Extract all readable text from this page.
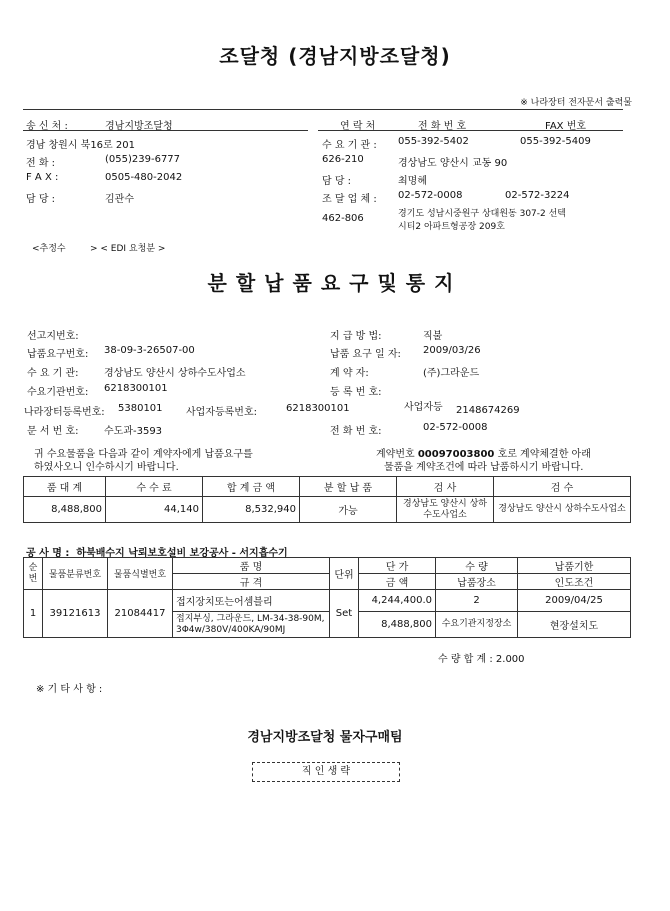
조달청 (경남지방조달청)
※ 나라장터 전자문서 출력물
송 신 처 :	경남지방조달청
경남 창원시 북16로 201
전 화 :	(055)239-6777
F A X :	0505-480-2042
담 당 :	김관수
연 락 처	전 화 번 호	FAX 번호
수 요 기 관 : 055-392-5402	055-392-5409
626-210	경상남도 양산시 교동 90
담 당 :	최명혜
조 달 업 체 : 02-572-0008	02-572-3224
462-806	경기도 성남시중원구 상대원동 307-2 선텍
시티2 아파트형공장 209호
<추정수	> < EDI 요청분 >
분할납품요구및통지
선고지번호:	지 급 방 법:	직불
납품요구번호: 38-09-3-26507-00	납품 요구 일 자: 2009/03/26
수 요 기 관:	경상남도 양산시 상하수도사업소	계 약 자:	(주)그라운드
수요기관번호: 6218300101	등 록 번 호:
나라장터등록번호: 5380101 사업자등록번호:	6218300101	사업자등 2148674269
문 서 번 호:	수도과-3593	전 화 번 호:	02-572-0008
귀 수요물품을 다음과 같이 계약자에게 납품요구를
하였사오니 인수하시기 바랍니다.
계약번호 00097003800 호로 계약체결한 아래
물품을 계약조건에 따라 납품하시기 바랍니다.
품 대 계	수 수 료	합 계 금 액	분 할 납 품	검 사	검 수
8,488,800	44,140	8,532,940	가능	경상남도 양산시 상하수도사업소	경상남도 양산시 상하수도사업소
공 사 명 : 하북배수지 낙뢰보호설비 보강공사 - 서지흡수기
순번	물품분류번호	물품식별번호	품 명	단위	단 가	수 량	납품기한
			규 격		금 액	납품장소	인도조건
1	39121613	21084417	접지장치또는어셈블리	Set	4,244,400.0	2	2009/04/25
			접지부싱, 그라운드, LM-34-38-90M, 3Φ4w/380V/400KA/90MJ		8,488,800	수요기관지정장소	현장설치도
수 량 합 계 : 2.000
※ 기 타 사 항 :
경남지방조달청 물자구매팀
직 인 생 략
